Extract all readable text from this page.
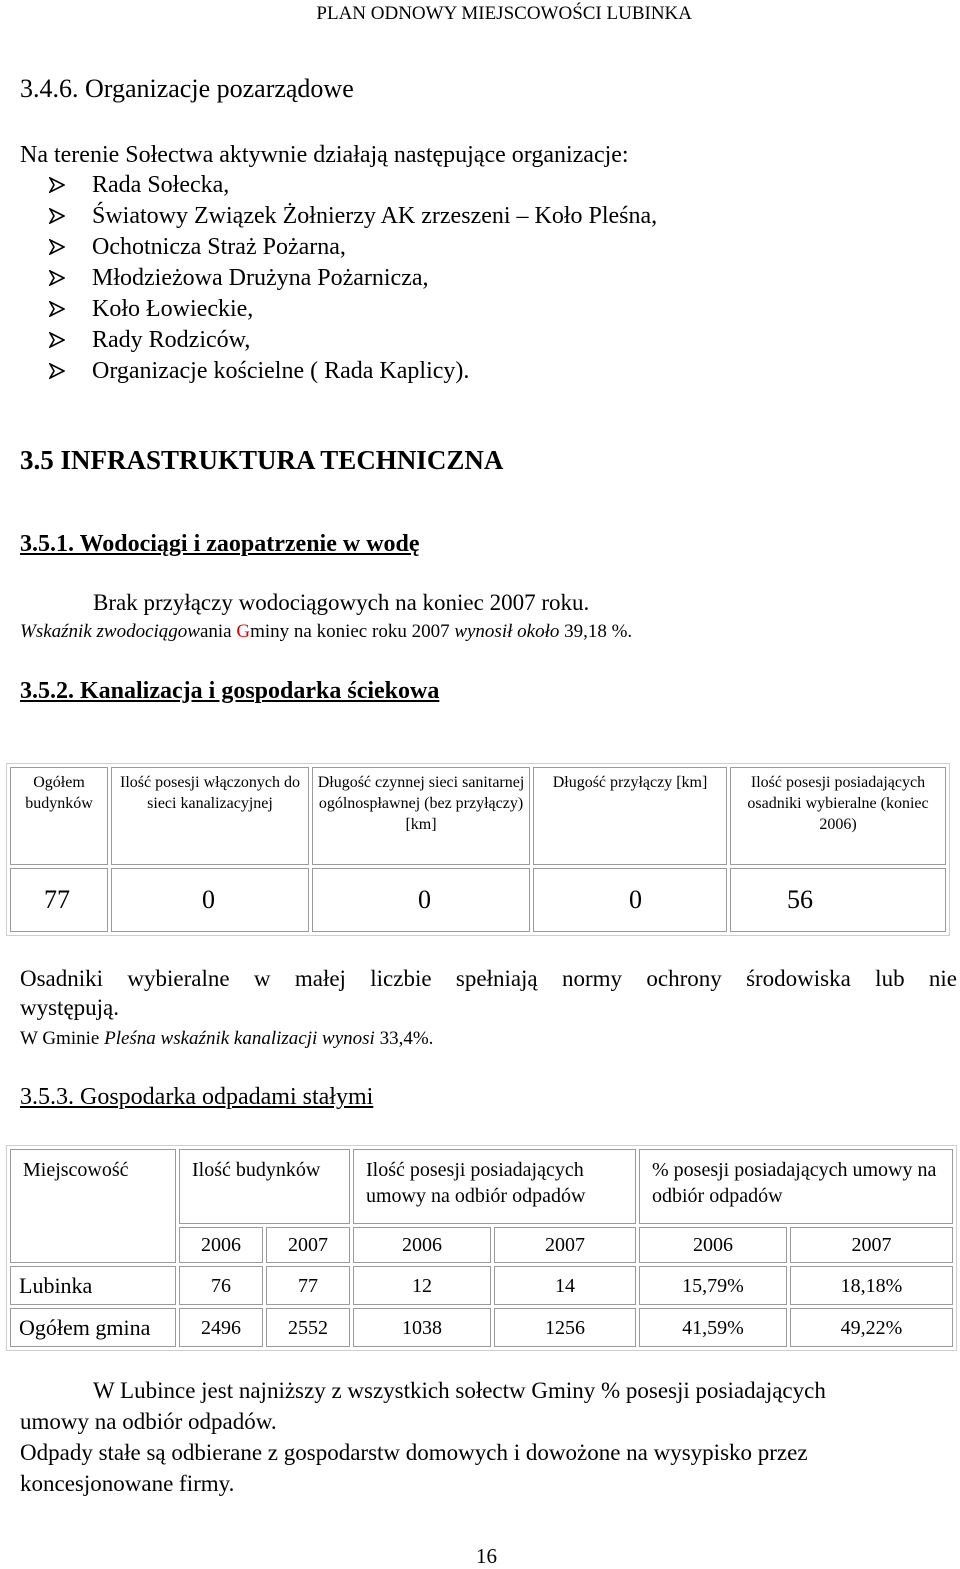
PLAN ODNOWY MIEJSCOWOŚCI LUBINKA
3.4.6. Organizacje pozarządowe
Na terenie Sołectwa aktywnie działają następujące organizacje:
Rada Sołecka,
Światowy Związek Żołnierzy AK zrzeszeni – Koło Pleśna,
Ochotnicza Straż Pożarna,
Młodzieżowa Drużyna Pożarnicza,
Koło Łowieckie,
Rady Rodziców,
Organizacje kościelne ( Rada Kaplicy).
3.5 INFRASTRUKTURA TECHNICZNA
3.5.1. Wodociągi i zaopatrzenie w wodę
Brak przyłączy wodociągowych na koniec 2007 roku.
Wskaźnik zwodociągowania Gminy na koniec roku 2007 wynosił około 39,18 %.
3.5.2. Kanalizacja i gospodarka ściekowa
Ogółem budynków	Ilość posesji włączonych do sieci kanalizacyjnej	Długość czynnej sieci sanitarnej ogólnospławnej (bez przyłączy) [km]	Długość przyłączy [km]	Ilość posesji posiadających osadniki wybieralne (koniec 2006)
77	0	0	0	56
Osadniki wybieralne w małej liczbie spełniają normy ochrony środowiska lub nie
występują.
W Gminie Pleśna wskaźnik kanalizacji wynosi 33,4%.
3.5.3. Gospodarka odpadami stałymi
Miejscowość	Ilość budynków		Ilość posesji posiadających umowy na odbiór odpadów		% posesji posiadających umowy na odbiór odpadów	
	2006	2007	2006	2007	2006	2007
Lubinka	76	77	12	14	15,79%	18,18%
Ogółem gmina	2496	2552	1038	1256	41,59%	49,22%
W Lubince jest najniższy z wszystkich sołectw Gminy % posesji posiadających
umowy na odbiór odpadów.
Odpady stałe są odbierane z gospodarstw domowych i dowożone na wysypisko przez
koncesjonowane firmy.
16
